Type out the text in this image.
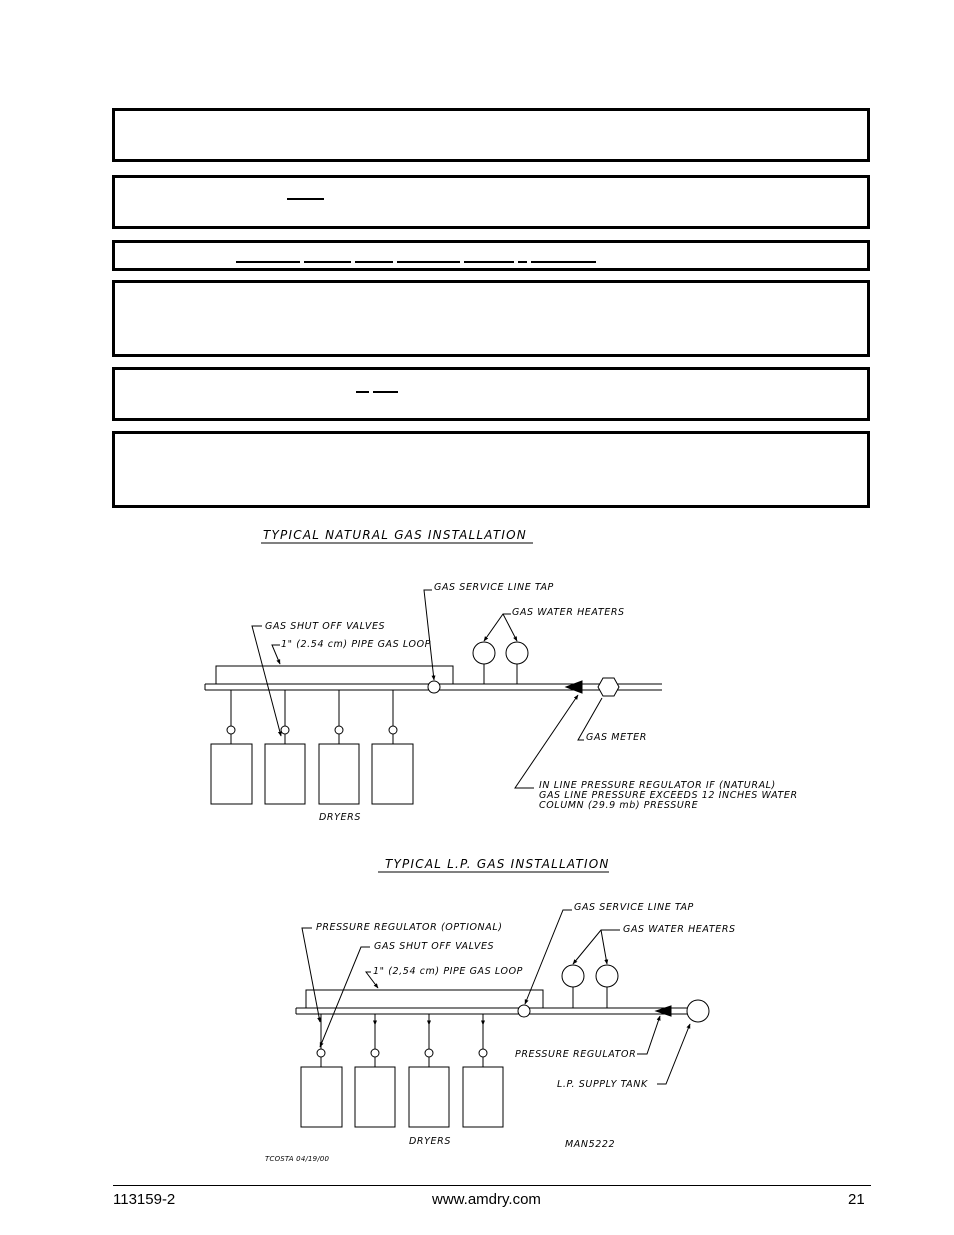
TYPICAL NATURAL GAS INSTALLATION
GAS SERVICE LINE TAP
GAS WATER HEATERS
GAS SHUT OFF VALVES
1" (2.54 cm) PIPE GAS LOOP
GAS METER
IN LINE PRESSURE REGULATOR IF (NATURAL)
GAS LINE PRESSURE EXCEEDS 12 INCHES WATER
COLUMN (29.9 mb) PRESSURE
DRYERS
TYPICAL L.P. GAS INSTALLATION
GAS SERVICE LINE TAP
PRESSURE REGULATOR (OPTIONAL)	GAS WATER HEATERS
GAS SHUT OFF VALVES
1" (2,54 cm) PIPE GAS LOOP
PRESSURE REGULATOR
L.P. SUPPLY TANK
DRYERS	MAN5222
TCOSTA 04/19/00
113159-2	www.amdry.com	21
